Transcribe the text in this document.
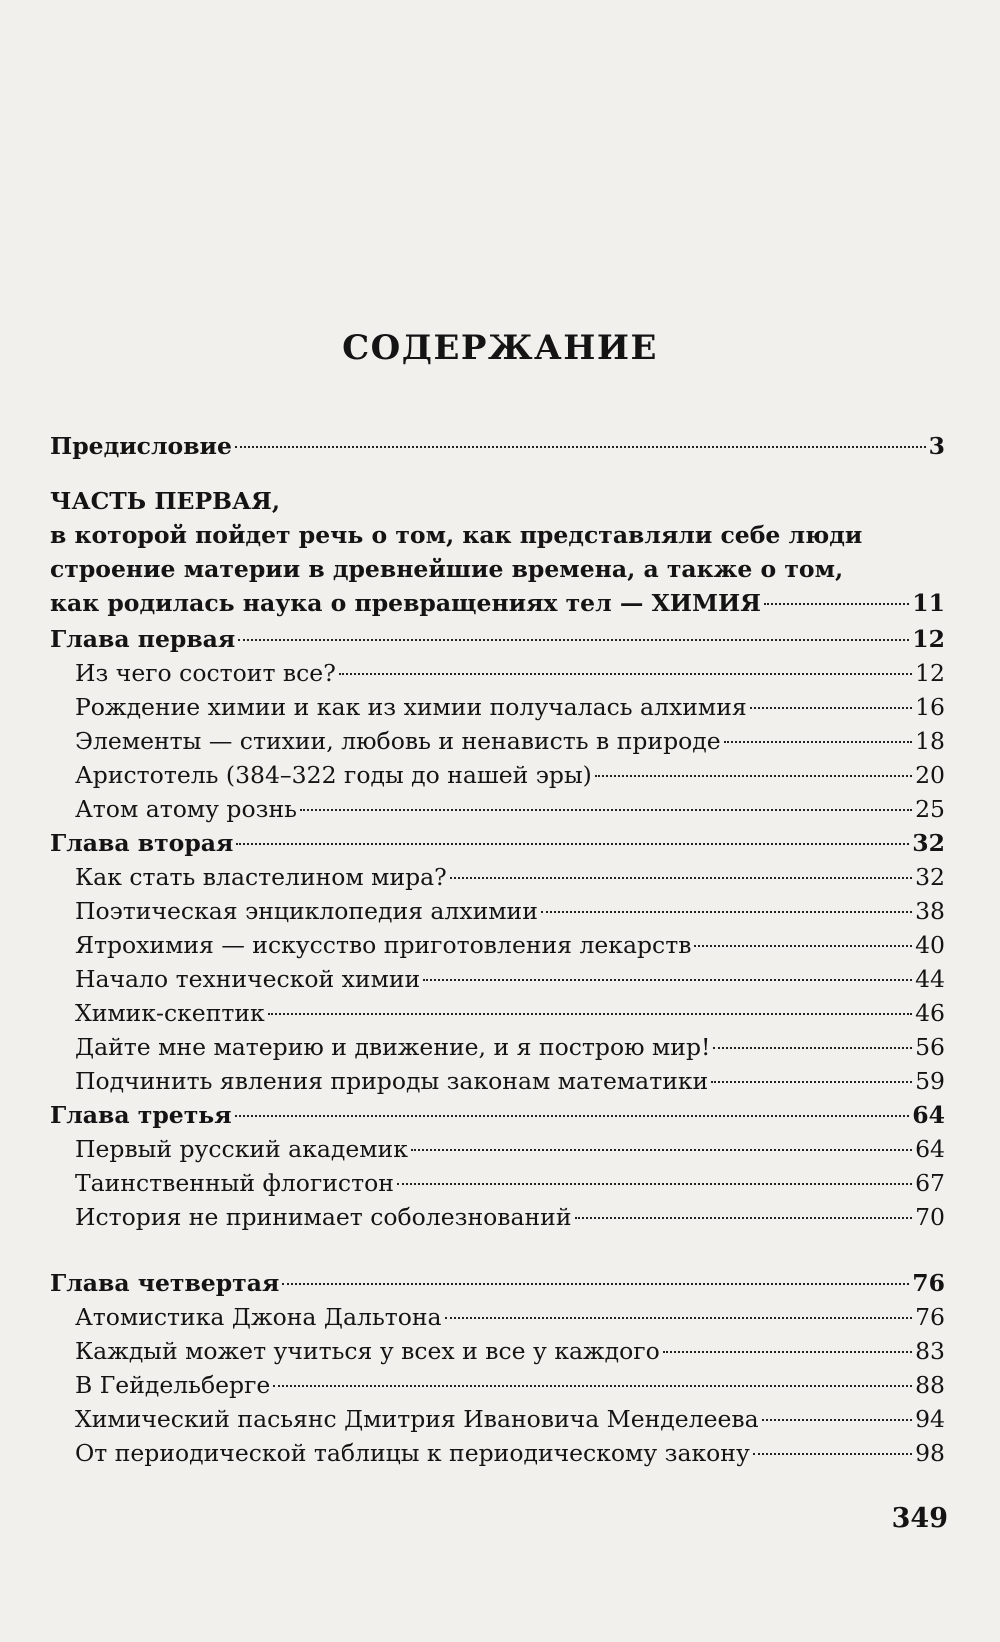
СОДЕРЖАНИЕ
Предисловие	3
ЧАСТЬ ПЕРВАЯ,
в которой пойдет речь о том, как представляли себе люди
строение материи в древнейшие времена, а также о том,
как родилась наука о превращениях тел — ХИМИЯ	11
Глава первая	12
Из чего состоит все?	12
Рождение химии и как из химии получалась алхимия	16
Элементы — стихии, любовь и ненависть в природе	18
Аристотель (384–322 годы до нашей эры)	20
Атом атому рознь	25
Глава вторая	32
Как стать властелином мира?	32
Поэтическая энциклопедия алхимии	38
Ятрохимия — искусство приготовления лекарств	40
Начало технической химии	44
Химик-скептик	46
Дайте мне материю и движение, и я построю мир!	56
Подчинить явления природы законам математики	59
Глава третья	64
Первый русский академик	64
Таинственный флогистон	67
История не принимает соболезнований	70
Глава четвертая	76
Атомистика Джона Дальтона	76
Каждый может учиться у всех и все у каждого	83
В Гейдельберге	88
Химический пасьянс Дмитрия Ивановича Менделеева	94
От периодической таблицы к периодическому закону	98
349
